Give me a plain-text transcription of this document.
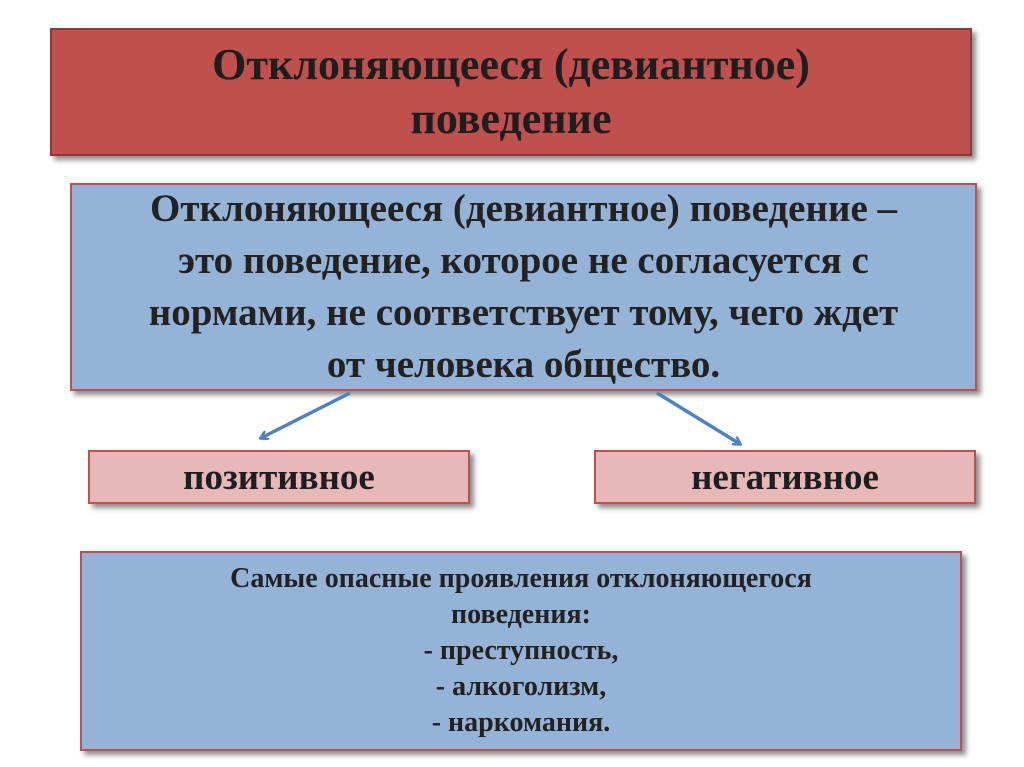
Отклоняющееся (девиантное)
поведение
Отклоняющееся (девиантное) поведение –
это поведение, которое не согласуется с
нормами, не соответствует тому, чего ждет
от человека общество.
позитивное	негативное
Самые опасные проявления отклоняющегося
поведения:
- преступность,
- алкоголизм,
- наркомания.
